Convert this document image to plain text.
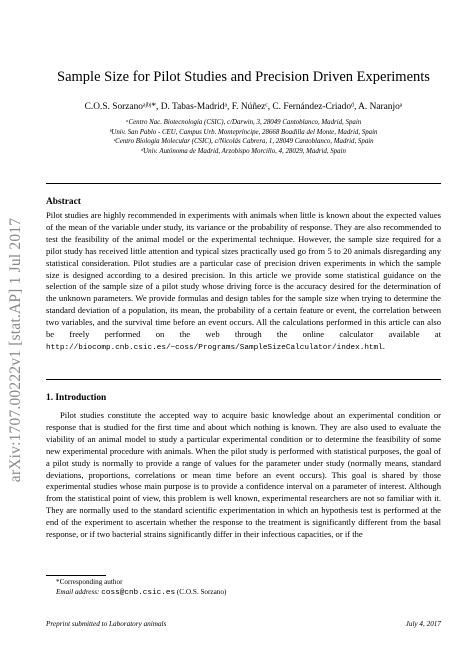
arXiv:1707.00222v1 [stat.AP] 1 Jul 2017
Sample Size for Pilot Studies and Precision Driven Experiments
C.O.S. Sorzanoᵃʲᵇʲ*, D. Tabas-Madridᵃ, F. Núñezᶜ, C. Fernández-Criadoᵈ, A. Naranjoᵃ
ᵃCentro Nac. Biotecnología (CSIC), c/Darwin, 3, 28049 Cantoblanco, Madrid, Spain
ᵇUniv. San Pablo - CEU, Campus Urb. Montepríncipe, 28668 Boadilla del Monte, Madrid, Spain
ᶜCentro Biología Molecular (CSIC), c/Nicolás Cabrera, 1, 28049 Cantoblanco, Madrid, Spain
ᵈUniv. Autónoma de Madrid, Arzobispo Morcillo, 4, 28029, Madrid, Spain
Abstract
Pilot studies are highly recommended in experiments with animals when little is known about the expected values of the mean of the variable under study, its variance or the probability of response. They are also recommended to test the feasibility of the animal model or the experimental technique. However, the sample size required for a pilot study has received little attention and typical sizes practically used go from 5 to 20 animals disregarding any statistical consideration. Pilot studies are a particular case of precision driven experiments in which the sample size is designed according to a desired precision. In this article we provide some statistical guidance on the selection of the sample size of a pilot study whose driving force is the accuracy desired for the determination of the unknown parameters. We provide formulas and design tables for the sample size when trying to determine the standard deviation of a population, its mean, the probability of a certain feature or event, the correlation between two variables, and the survival time before an event occurs. All the calculations performed in this article can also be freely performed on the web through the online calculator available at http://biocomp.cnb.csic.es/~coss/Programs/SampleSizeCalculator/index.html.
1. Introduction
Pilot studies constitute the accepted way to acquire basic knowledge about an experimental condition or response that is studied for the first time and about which nothing is known. They are also used to evaluate the viability of an animal model to study a particular experimental condition or to determine the feasibility of some new experimental procedure with animals. When the pilot study is performed with statistical purposes, the goal of a pilot study is normally to provide a range of values for the parameter under study (normally means, standard deviations, proportions, correlations or mean time before an event occurs). This goal is shared by those experimental studies whose main purpose is to provide a confidence interval on a parameter of interest. Although from the statistical point of view, this problem is well known, experimental researchers are not so familiar with it. They are normally used to the standard scientific experimentation in which an hypothesis test is performed at the end of the experiment to ascertain whether the response to the treatment is significantly different from the basal response, or if two bacterial strains significantly differ in their infectious capacities, or if the
*Corresponding author
Email address: coss@cnb.csic.es (C.O.S. Sorzano)
Preprint submitted to Laboratory animals	July 4, 2017
